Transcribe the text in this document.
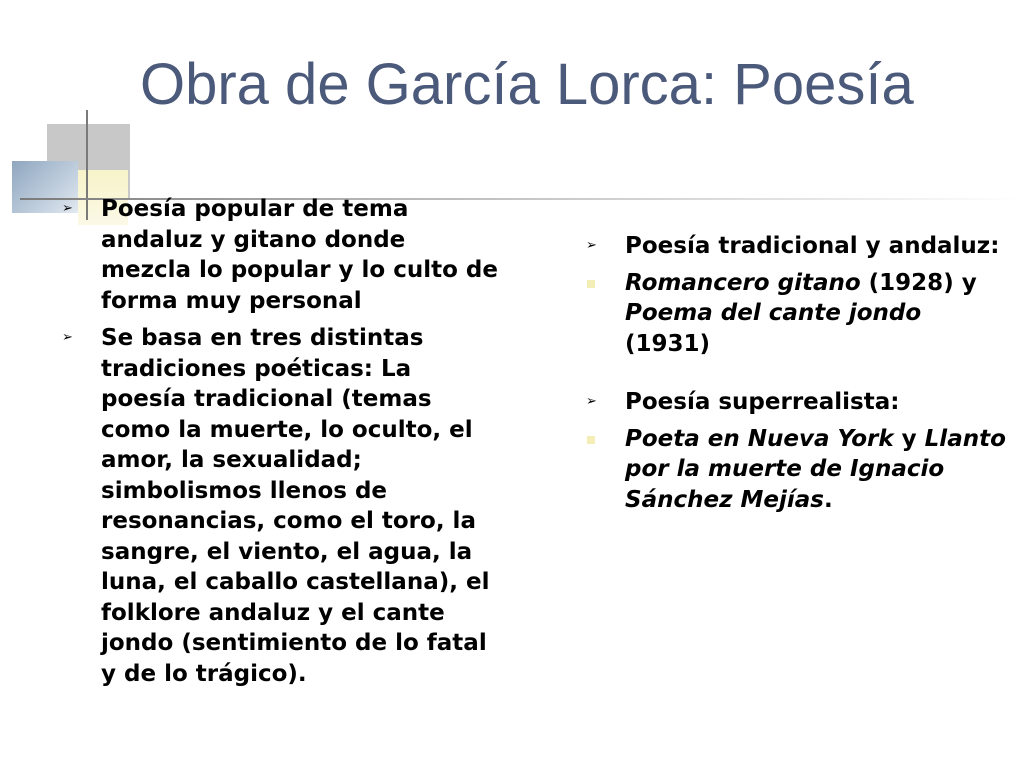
Obra de García Lorca: Poesía
➢ Poesía popular de tema andaluz y gitano donde mezcla lo popular y lo culto de forma muy personal
➢ Se basa en tres distintas tradiciones poéticas: La poesía tradicional (temas como la muerte, lo oculto, el amor, la sexualidad; simbolismos llenos de resonancias, como el toro, la sangre, el viento, el agua, la luna, el caballo castellana), el folklore andaluz y el cante jondo (sentimiento de lo fatal y de lo trágico).
➢ Poesía tradicional y andaluz:
Romancero gitano (1928) y Poema del cante jondo (1931)
➢ Poesía superrealista:
Poeta en Nueva York y Llanto por la muerte de Ignacio Sánchez Mejías.
